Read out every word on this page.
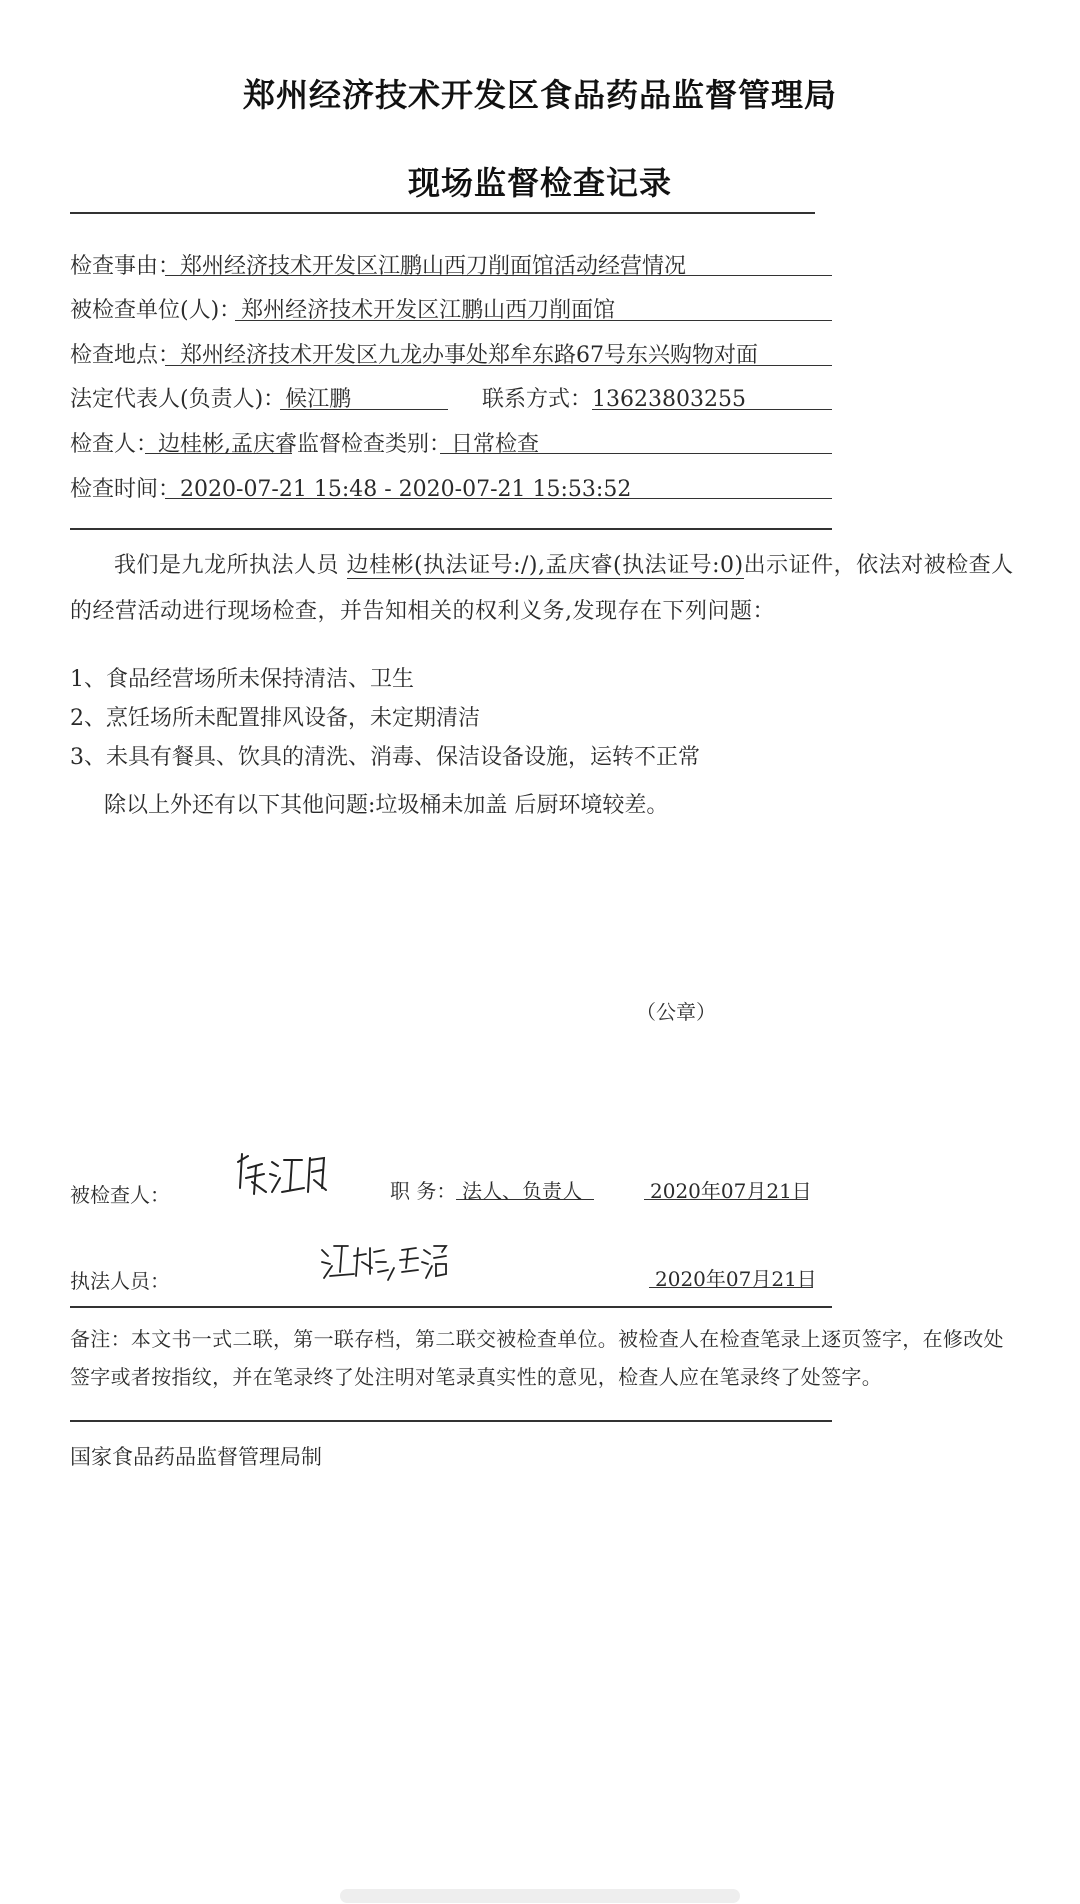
郑州经济技术开发区食品药品监督管理局
现场监督检查记录
检查事由：郑州经济技术开发区江鹏山西刀削面馆活动经营情况
被检查单位(人)：郑州经济技术开发区江鹏山西刀削面馆
检查地点：郑州经济技术开发区九龙办事处郑牟东路67号东兴购物对面
法定代表人(负责人)：候江鹏	联系方式：13623803255
检查人：边桂彬,孟庆睿监督检查类别：日常检查
检查时间：2020-07-21 15:48 - 2020-07-21 15:53:52
我们是九龙所执法人员 边桂彬(执法证号:/),孟庆睿(执法证号:0)出示证件，依法对被检查人的经营活动进行现场检查，并告知相关的权利义务,发现存在下列问题：
1、食品经营场所未保持清洁、卫生
2、烹饪场所未配置排风设备，未定期清洁
3、未具有餐具、饮具的清洗、消毒、保洁设备设施，运转不正常
除以上外还有以下其他问题:垃圾桶未加盖 后厨环境较差。
（公章）
被检查人：	职 务： 法人、负责人	2020年07月21日
执法人员：	2020年07月21日
备注：本文书一式二联，第一联存档，第二联交被检查单位。被检查人在检查笔录上逐页签字，在修改处签字或者按指纹，并在笔录终了处注明对笔录真实性的意见，检查人应在笔录终了处签字。
国家食品药品监督管理局制
